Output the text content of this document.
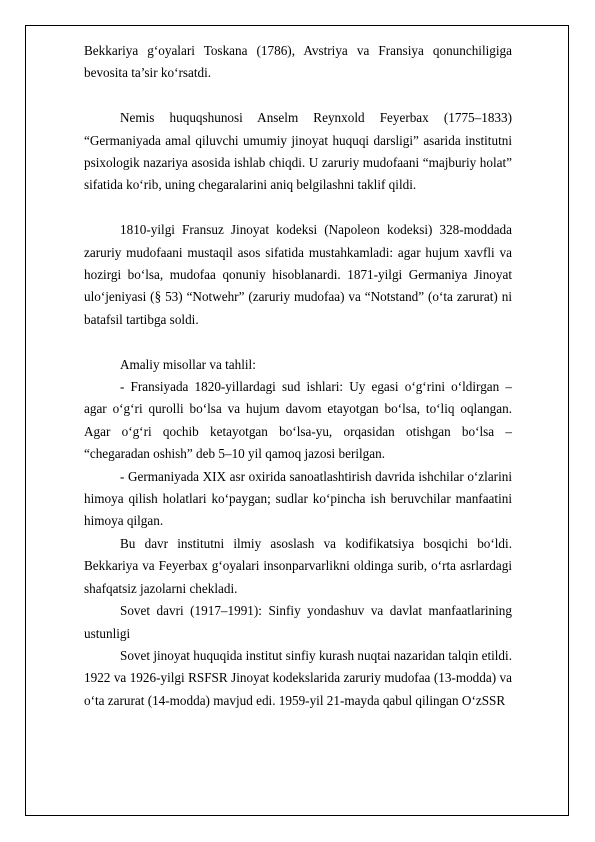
Bekkariya g‘oyalari Toskana (1786), Avstriya va Fransiya qonunchiligiga bevosita ta’sir ko‘rsatdi.

Nemis huquqshunosi Anselm Reynxold Feyerbax (1775–1833) “Germaniyada amal qiluvchi umumiy jinoyat huquqi darsligi” asarida institutni psixologik nazariya asosida ishlab chiqdi. U zaruriy mudofaani “majburiy holat” sifatida ko‘rib, uning chegaralarini aniq belgilashni taklif qildi.

1810-yilgi Fransuz Jinoyat kodeksi (Napoleon kodeksi) 328-moddada zaruriy mudofaani mustaqil asos sifatida mustahkamladi: agar hujum xavfli va hozirgi bo‘lsa, mudofaa qonuniy hisoblanardi. 1871-yilgi Germaniya Jinoyat ulo‘jeniyasi (§ 53) “Notwehr” (zaruriy mudofaa) va “Notstand” (o‘ta zarurat) ni batafsil tartibga soldi.

Amaliy misollar va tahlil:

- Fransiyada 1820-yillardagi sud ishlari: Uy egasi o‘g‘rini o‘ldirgan – agar o‘g‘ri qurolli bo‘lsa va hujum davom etayotgan bo‘lsa, to‘liq oqlangan. Agar o‘g‘ri qochib ketayotgan bo‘lsa-yu, orqasidan otishgan bo‘lsa – “chegaradan oshish” deb 5–10 yil qamoq jazosi berilgan.

- Germaniyada XIX asr oxirida sanoatlashtirish davrida ishchilar o‘zlarini himoya qilish holatlari ko‘paygan; sudlar ko‘pincha ish beruvchilar manfaatini himoya qilgan.

Bu davr institutni ilmiy asoslash va kodifikatsiya bosqichi bo‘ldi. Bekkariya va Feyerbax g‘oyalari insonparvarlikni oldinga surib, o‘rta asrlardagi shafqatsiz jazolarni chekladi.

Sovet davri (1917–1991): Sinfiy yondashuv va davlat manfaatlarining ustunligi

Sovet jinoyat huquqida institut sinfiy kurash nuqtai nazaridan talqin etildi. 1922 va 1926-yilgi RSFSR Jinoyat kodekslarida zaruriy mudofaa (13-modda) va o‘ta zarurat (14-modda) mavjud edi. 1959-yil 21-mayda qabul qilingan O‘zSSR
